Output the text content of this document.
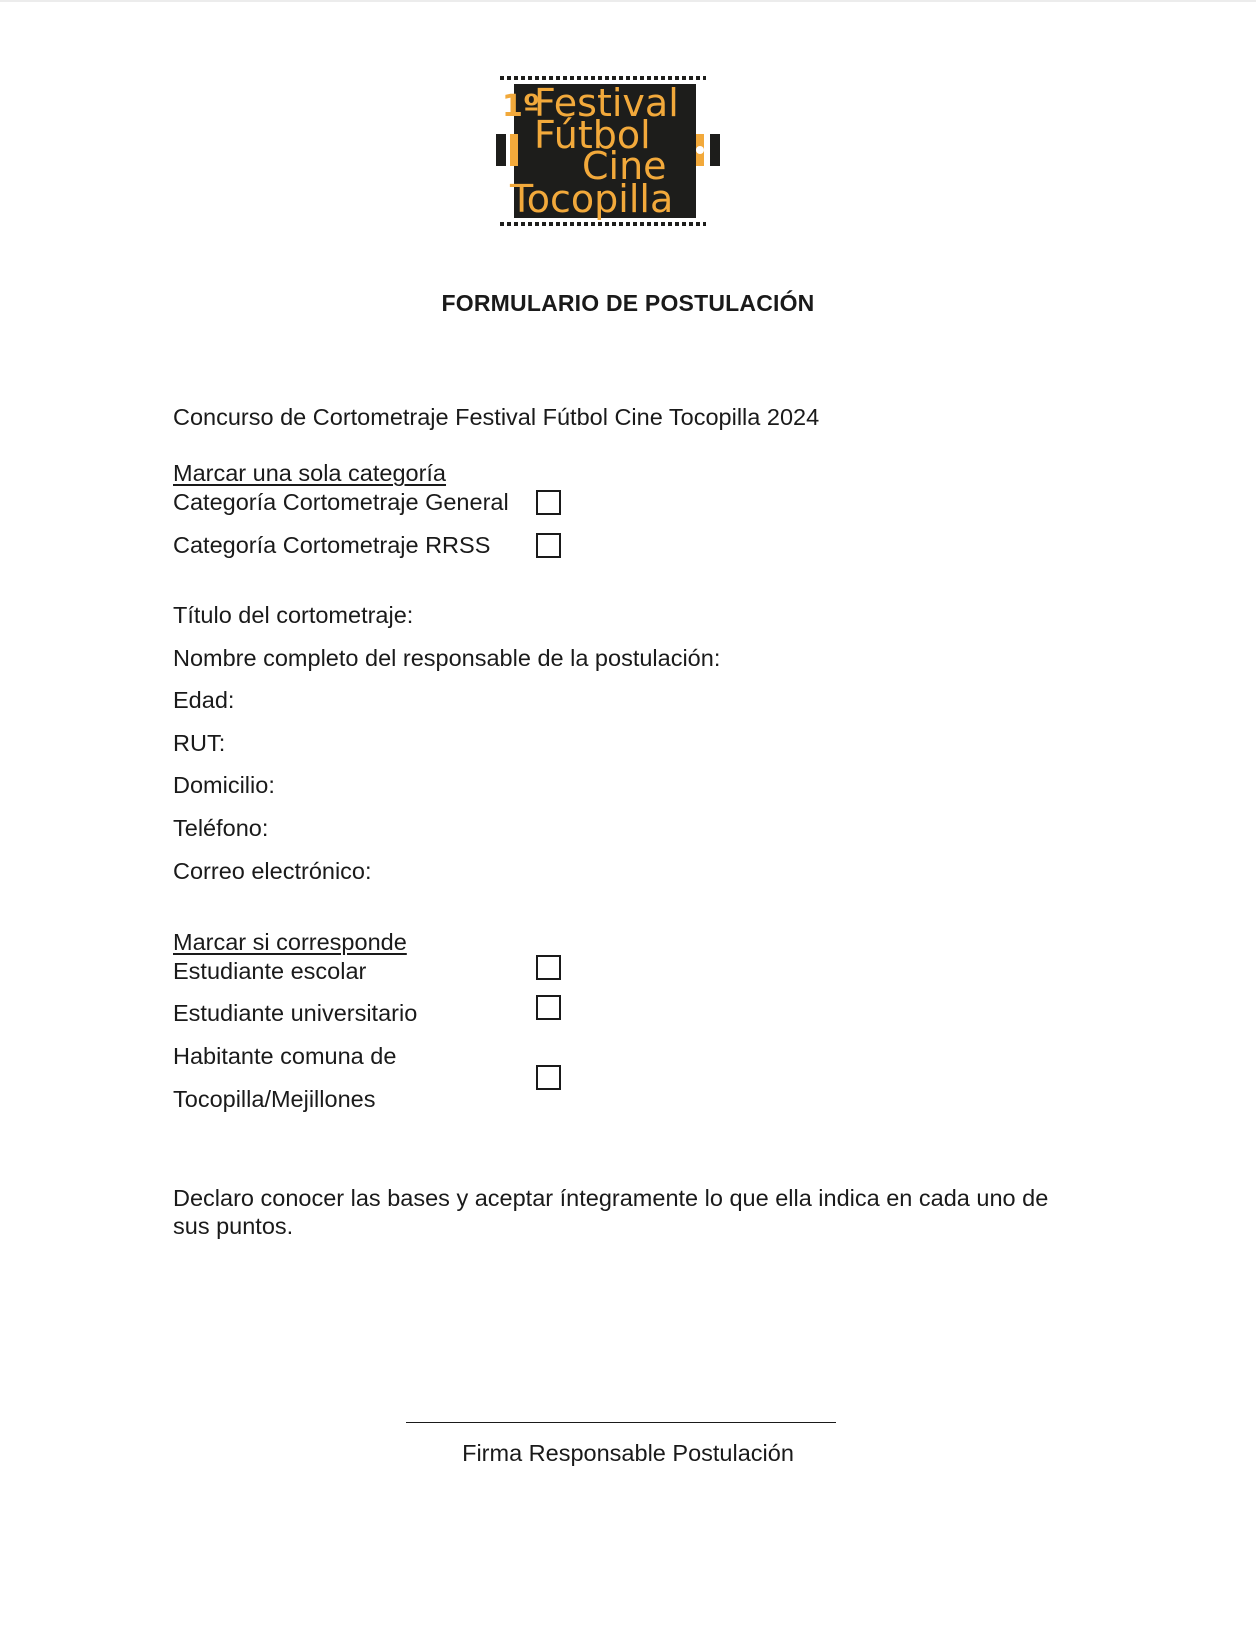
1º
Festival
Fútbol
Cine
Tocopilla
FORMULARIO DE POSTULACIÓN

Concurso de Cortometraje Festival Fútbol Cine Tocopilla 2024

Marcar una sola categoría

Categoría Cortometraje General

Categoría Cortometraje RRSS

Título del cortometraje:

Nombre completo del responsable de la postulación:

Edad:

RUT:

Domicilio:

Teléfono:

Correo electrónico:

Marcar si corresponde

Estudiante escolar

Estudiante universitario

Habitante comuna de

Tocopilla/Mejillones

Declaro conocer las bases y aceptar íntegramente lo que ella indica en cada uno de sus puntos.

Firma Responsable Postulación
